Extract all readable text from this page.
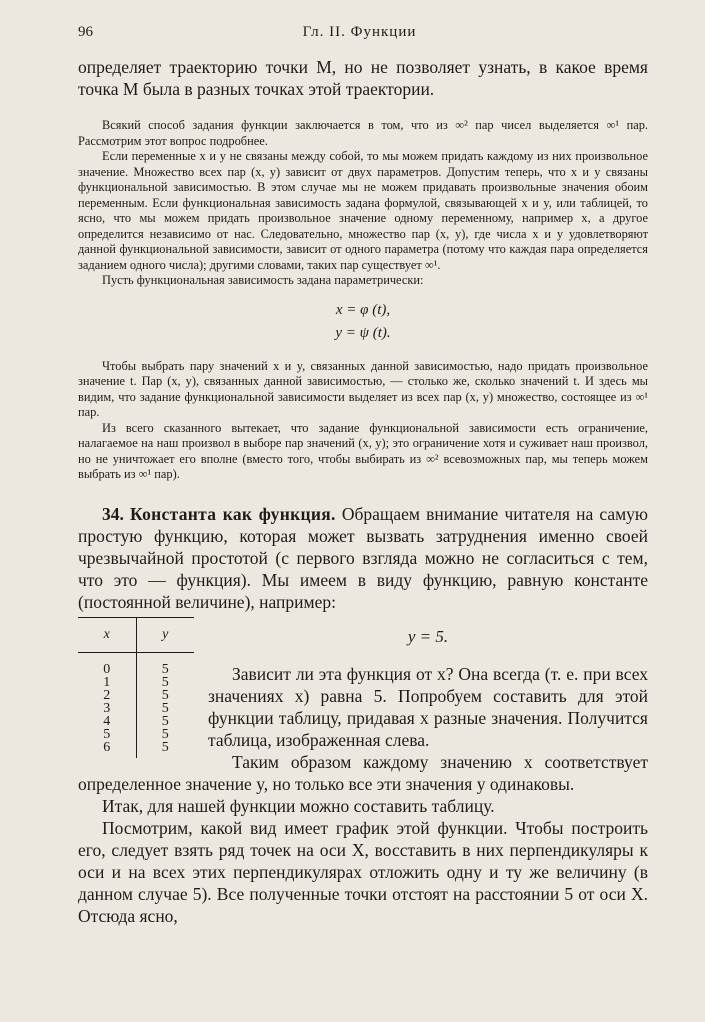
96	Гл. II. Функции

определяет траекторию точки M, но не позволяет узнать, в какое время точка M была в разных точках этой траектории.

Всякий способ задания функции заключается в том, что из ∞² пар чисел выделяется ∞¹ пар. Рассмотрим этот вопрос подробнее.

Если переменные x и y не связаны между собой, то мы можем придать каждому из них произвольное значение. Множество всех пар (x, y) зависит от двух параметров. Допустим теперь, что x и y связаны функциональной зависимостью. В этом случае мы не можем придавать произвольные значения обоим переменным. Если функциональная зависимость задана формулой, связывающей x и y, или таблицей, то ясно, что мы можем придать произвольное значение одному переменному, например x, а другое определится независимо от нас. Следовательно, множество пар (x, y), где числа x и y удовлетворяют данной функциональной зависимости, зависит от одного параметра (потому что каждая пара определяется заданием одного числа); другими словами, таких пар существует ∞¹.

Пусть функциональная зависимость задана параметрически:

x = φ (t),
y = ψ (t).

Чтобы выбрать пару значений x и y, связанных данной зависимостью, надо придать произвольное значение t. Пар (x, y), связанных данной зависимостью, — столько же, сколько значений t. И здесь мы видим, что задание функциональной зависимости выделяет из всех пар (x, y) множество, состоящее из ∞¹ пар.

Из всего сказанного вытекает, что задание функциональной зависимости есть ограничение, налагаемое на наш произвол в выборе пар значений (x, y); это ограничение хотя и суживает наш произвол, но не уничтожает его вполне (вместо того, чтобы выбирать из ∞² всевозможных пар, мы теперь можем выбрать из ∞¹ пар).

34. Константа как функция. Обращаем внимание читателя на самую простую функцию, которая может вызвать затруднения именно своей чрезвычайной простотой (с первого взгляда можно не согласиться с тем, что это — функция). Мы имеем в виду функцию, равную константе (постоянной величине), например:

x	y
0	5
1	5
2	5
3	5
4	5
5	5
6	5
y = 5.

Зависит ли эта функция от x? Она всегда (т. е. при всех значениях x) равна 5. Попробуем составить для этой функции таблицу, придавая x разные значения. Получится таблица, изображенная слева.

Таким образом каждому значению x соответствует определенное значение y, но только все эти значения y одинаковы.

Итак, для нашей функции можно составить таблицу.

Посмотрим, какой вид имеет график этой функции. Чтобы построить его, следует взять ряд точек на оси X, восставить в них перпендикуляры к оси и на всех этих перпендикулярах отложить одну и ту же величину (в данном случае 5). Все полученные точки отстоят на расстоянии 5 от оси X. Отсюда ясно,
